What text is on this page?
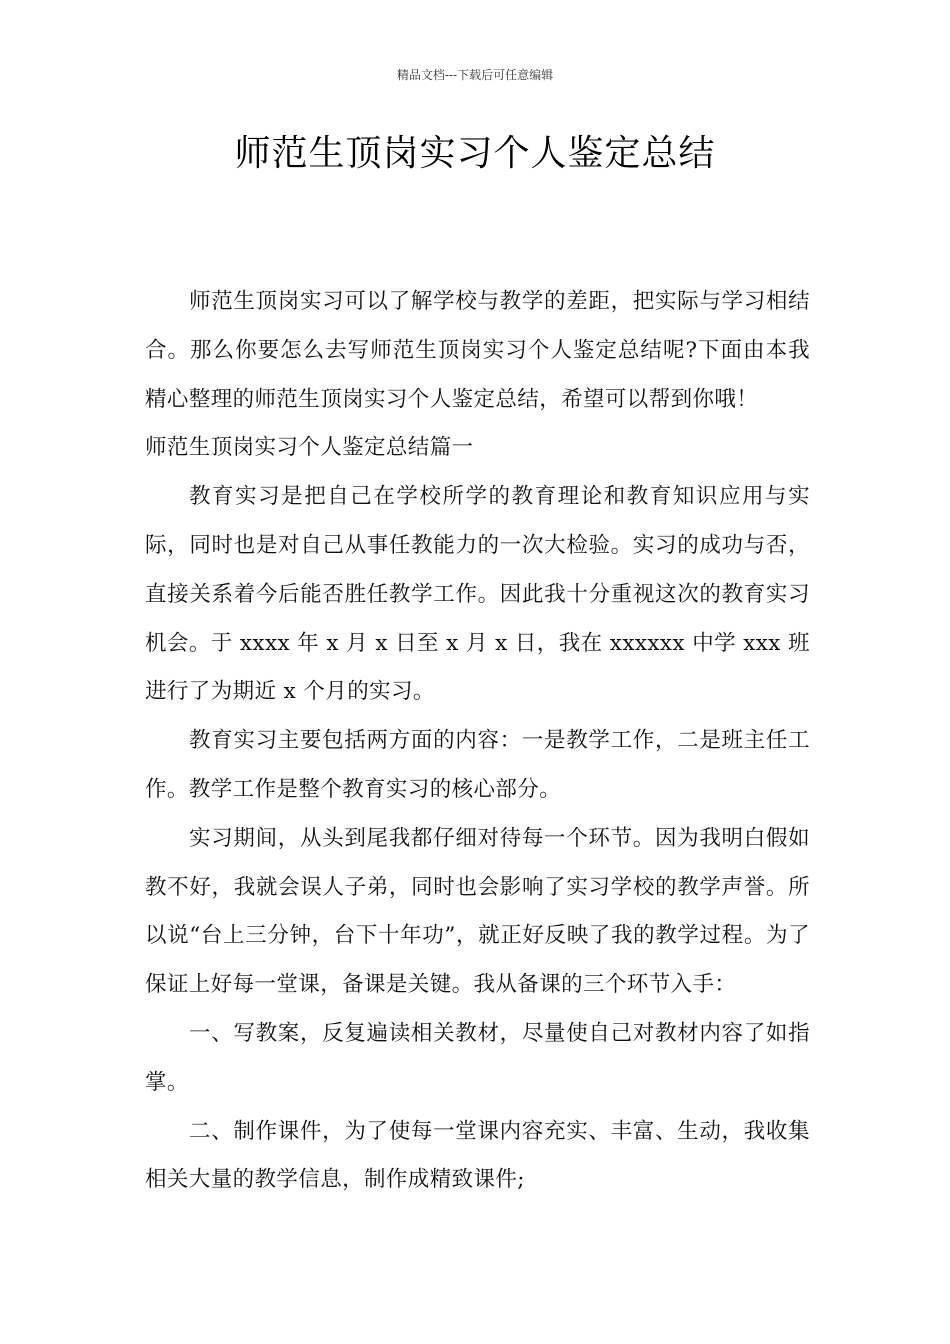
精品文档---下载后可任意编辑
师范生顶岗实习个人鉴定总结

师范生顶岗实习可以了解学校与教学的差距，把实际与学习相结合。那么你要怎么去写师范生顶岗实习个人鉴定总结呢?下面由本我精心整理的师范生顶岗实习个人鉴定总结，希望可以帮到你哦！

师范生顶岗实习个人鉴定总结篇一

教育实习是把自己在学校所学的教育理论和教育知识应用与实际，同时也是对自己从事任教能力的一次大检验。实习的成功与否，直接关系着今后能否胜任教学工作。因此我十分重视这次的教育实习机会。于 xxxx 年 x 月 x 日至 x 月 x 日，我在 xxxxxx 中学 xxx 班进行了为期近 x 个月的实习。

教育实习主要包括两方面的内容：一是教学工作，二是班主任工作。教学工作是整个教育实习的核心部分。

实习期间，从头到尾我都仔细对待每一个环节。因为我明白假如教不好，我就会误人子弟，同时也会影响了实习学校的教学声誉。所以说“台上三分钟，台下十年功”，就正好反映了我的教学过程。为了保证上好每一堂课，备课是关键。我从备课的三个环节入手：

一、写教案，反复遍读相关教材，尽量使自己对教材内容了如指掌。

二、制作课件，为了使每一堂课内容充实、丰富、生动，我收集相关大量的教学信息，制作成精致课件;
